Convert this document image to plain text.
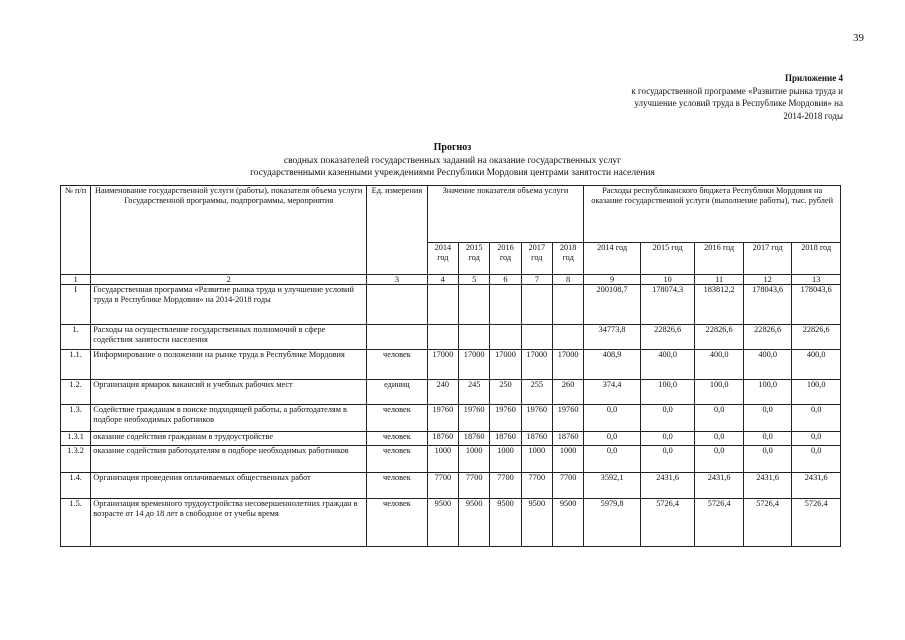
39
Приложение 4
к государственной программе «Развитие рынка труда и
улучшение условий труда в Республике Мордовия» на
2014-2018 годы
Прогноз
сводных показателей государственных заданий на оказание государственных услуг
государственными казенными учреждениями Республики Мордовия центрами занятости населения
№ п/п	Наименование государственной услуги (работы), показателя объема услуги Государственной программы, подпрограммы, мероприятия	Ед. измерения	Значение показателя объема услуги					Расходы республиканского бюджета Республики Мордовия на оказание государственной услуги (выполнение работы), тыс. рублей				
			2014 год	2015 год	2016 год	2017 год	2018 год	2014 год	2015 год	2016 год	2017 год	2018 год
1	2	3	4	5	6	7	8	9	10	11	12	13
I	Государственная программа «Развитие рынка труда и улучшение условий труда в Республике Мордовия» на 2014-2018 годы							200108,7	178074,3	183812,2	178043,6	178043,6
1.	Расходы на осуществление государственных полномочий в сфере содействия занятости населения							34773,8	22826,6	22826,6	22826,6	22826,6
1.1.	Информирование о положении на рынке труда в Республике Мордовия	человек	17000	17000	17000	17000	17000	408,9	400,0	400,0	400,0	400,0
1.2.	Организация ярмарок вакансий и учебных рабочих мест	единиц	240	245	250	255	260	374,4	100,0	100,0	100,0	100,0
1.3.	Содействие гражданам в поиске подходящей работы, а работодателям в подборе необходимых работников	человек	19760	19760	19760	19760	19760	0,0	0,0	0,0	0,0	0,0
1.3.1	оказание содействия гражданам в трудоустройстве	человек	18760	18760	18760	18760	18760	0,0	0,0	0,0	0,0	0,0
1.3.2	оказание содействия работодателям в подборе необходимых работников	человек	1000	1000	1000	1000	1000	0,0	0,0	0,0	0,0	0,0
1.4.	Организация проведения оплачиваемых общественных работ	человек	7700	7700	7700	7700	7700	3592,1	2431,6	2431,6	2431,6	2431,6
1.5.	Организация временного трудоустройства несовершеннолетних граждан в возрасте от 14 до 18 лет в свободное от учебы время	человек	9500	9500	9500	9500	9500	5979,8	5726,4	5726,4	5726,4	5726,4
